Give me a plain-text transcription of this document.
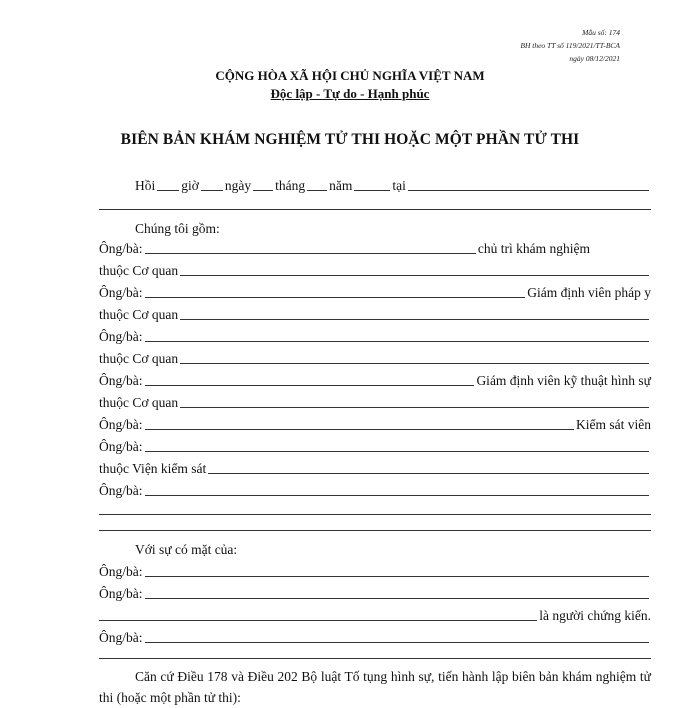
Mẫu số: 174
BH theo TT số 119/2021/TT-BCA
ngày 08/12/2021
CỘNG HÒA XÃ HỘI CHỦ NGHĨA VIỆT NAM
Độc lập - Tự do - Hạnh phúc
BIÊN BẢN KHÁM NGHIỆM TỬ THI HOẶC MỘT PHẦN TỬ THI
Hồi giờ ngày tháng năm	tại
Chúng tôi gồm:
Ông/bà:	chủ trì khám nghiệm
thuộc Cơ quan
Ông/bà:	Giám định viên pháp y
thuộc Cơ quan
Ông/bà:
thuộc Cơ quan
Ông/bà:	Giám định viên kỹ thuật hình sự
thuộc Cơ quan
Ông/bà:	Kiểm sát viên
Ông/bà:
thuộc Viện kiểm sát
Ông/bà:
Với sự có mặt của:
Ông/bà:
Ông/bà:
là người chứng kiến.
Ông/bà:
Căn cứ Điều 178 và Điều 202 Bộ luật Tố tụng hình sự, tiến hành lập biên bản khám nghiệm tử thi (hoặc một phần tử thi):
